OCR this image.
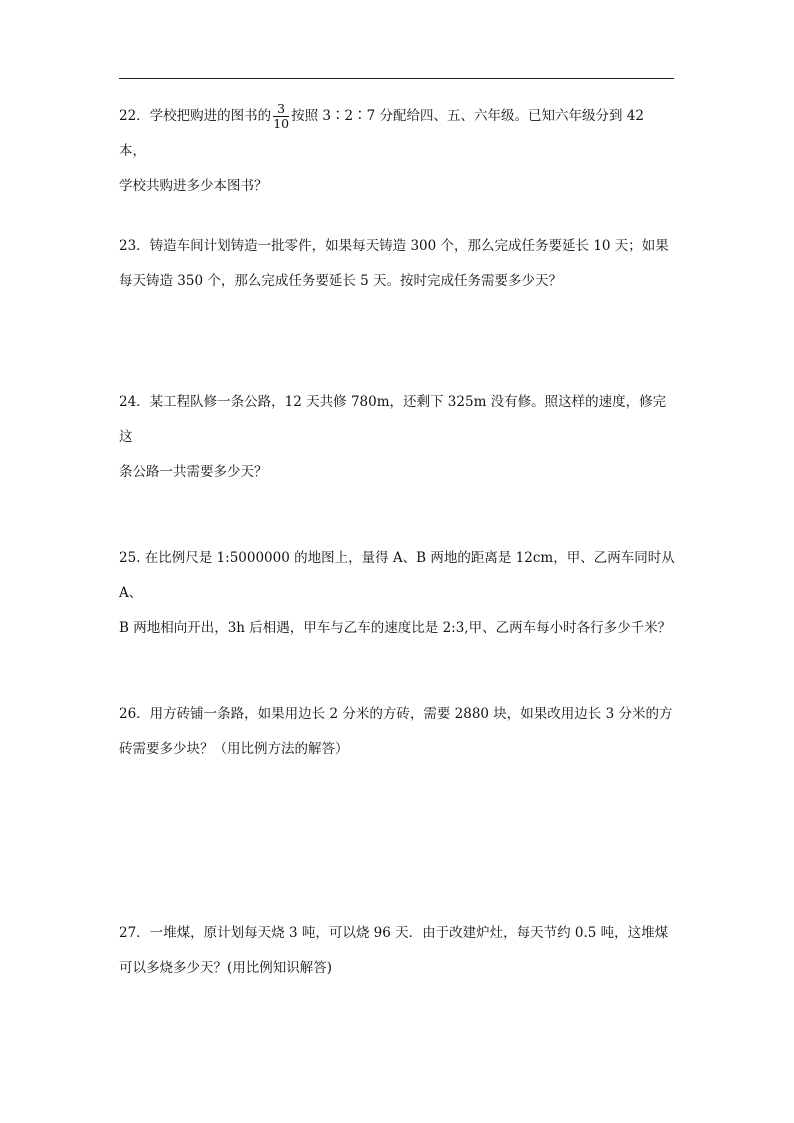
22．学校把购进的图书的 $\frac{3}{10}$ 按照 3∶2∶7 分配给四、五、六年级。已知六年级分到 42 本，
学校共购进多少本图书？
23．铸造车间计划铸造一批零件，如果每天铸造 300 个，那么完成任务要延长 10 天；如果
每天铸造 350 个，那么完成任务要延长 5 天。按时完成任务需要多少天？
24．某工程队修一条公路，12 天共修 780m，还剩下 325m 没有修。照这样的速度，修完这
条公路一共需要多少天？
25. 在比例尺是 1:5000000 的地图上，量得 A、B 两地的距离是 12cm，甲、乙两车同时从 A、
B 两地相向开出，3h 后相遇，甲车与乙车的速度比是 2:3,甲、乙两车每小时各行多少千米？
26．用方砖铺一条路，如果用边长 2 分米的方砖，需要 2880 块，如果改用边长 3 分米的方
砖需要多少块？（用比例方法的解答）
27．一堆煤，原计划每天烧 3 吨，可以烧 96 天．由于改建炉灶，每天节约 0.5 吨，这堆煤
可以多烧多少天？(用比例知识解答)
